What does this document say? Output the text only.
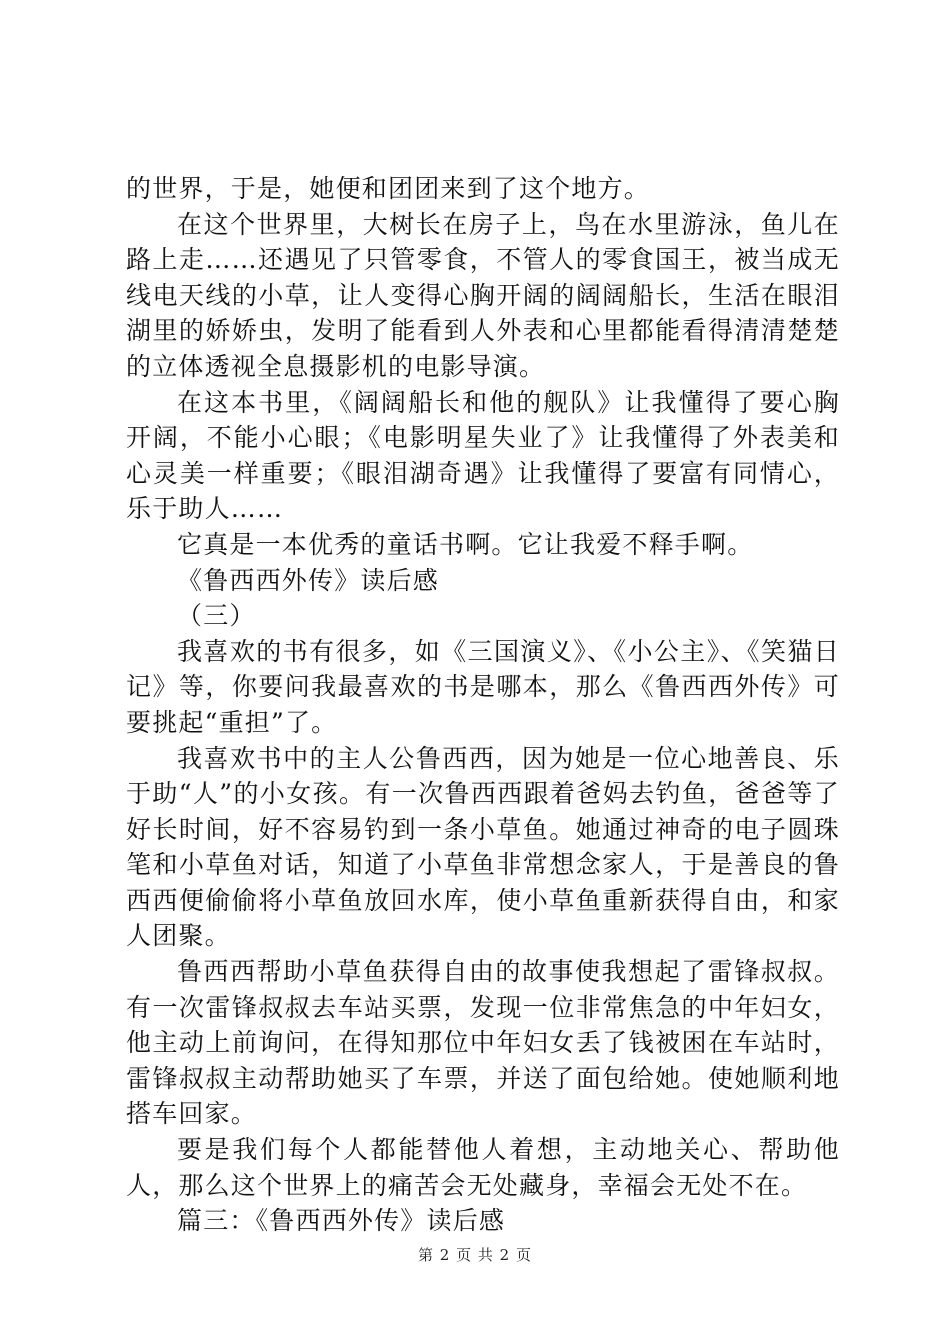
的世界，于是，她便和团团来到了这个地方。

在这个世界里，大树长在房子上，鸟在水里游泳，鱼儿在路上走……还遇见了只管零食，不管人的零食国王，被当成无线电天线的小草，让人变得心胸开阔的阔阔船长，生活在眼泪湖里的娇娇虫，发明了能看到人外表和心里都能看得清清楚楚的立体透视全息摄影机的电影导演。

在这本书里，《阔阔船长和他的舰队》让我懂得了要心胸开阔，不能小心眼；《电影明星失业了》让我懂得了外表美和心灵美一样重要；《眼泪湖奇遇》让我懂得了要富有同情心，乐于助人……

它真是一本优秀的童话书啊。它让我爱不释手啊。

《鲁西西外传》读后感

（三）

我喜欢的书有很多，如《三国演义》、《小公主》、《笑猫日记》等，你要问我最喜欢的书是哪本，那么《鲁西西外传》可要挑起“重担”了。

我喜欢书中的主人公鲁西西，因为她是一位心地善良、乐于助“人”的小女孩。有一次鲁西西跟着爸妈去钓鱼，爸爸等了好长时间，好不容易钓到一条小草鱼。她通过神奇的电子圆珠笔和小草鱼对话，知道了小草鱼非常想念家人，于是善良的鲁西西便偷偷将小草鱼放回水库，使小草鱼重新获得自由，和家人团聚。

鲁西西帮助小草鱼获得自由的故事使我想起了雷锋叔叔。有一次雷锋叔叔去车站买票，发现一位非常焦急的中年妇女，他主动上前询问，在得知那位中年妇女丢了钱被困在车站时，雷锋叔叔主动帮助她买了车票，并送了面包给她。使她顺利地搭车回家。

要是我们每个人都能替他人着想，主动地关心、帮助他人，那么这个世界上的痛苦会无处藏身，幸福会无处不在。

篇三：《鲁西西外传》读后感

第 2 页 共 2 页
